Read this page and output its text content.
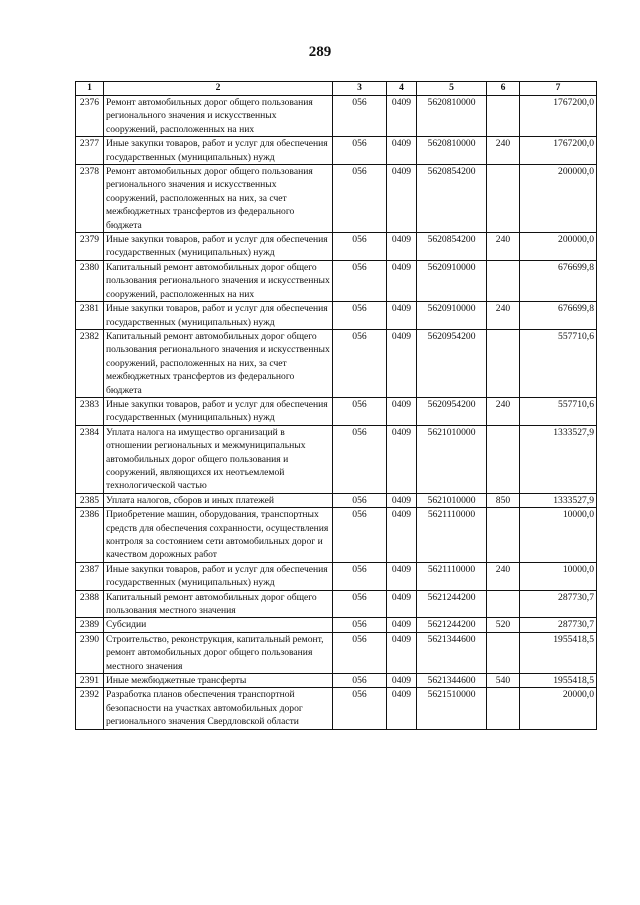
289
1	2	3	4	5	6	7
2376	Ремонт автомобильных дорог общего пользования регионального значения и искусственных сооружений, расположенных на них	056	0409	5620810000		1767200,0
2377	Иные закупки товаров, работ и услуг для обеспечения государственных (муниципальных) нужд	056	0409	5620810000	240	1767200,0
2378	Ремонт автомобильных дорог общего пользования регионального значения и искусственных сооружений, расположенных на них, за счет межбюджетных трансфертов из федерального бюджета	056	0409	5620854200		200000,0
2379	Иные закупки товаров, работ и услуг для обеспечения государственных (муниципальных) нужд	056	0409	5620854200	240	200000,0
2380	Капитальный ремонт автомобильных дорог общего пользования регионального значения и искусственных сооружений, расположенных на них	056	0409	5620910000		676699,8
2381	Иные закупки товаров, работ и услуг для обеспечения государственных (муниципальных) нужд	056	0409	5620910000	240	676699,8
2382	Капитальный ремонт автомобильных дорог общего пользования регионального значения и искусственных сооружений, расположенных на них, за счет межбюджетных трансфертов из федерального бюджета	056	0409	5620954200		557710,6
2383	Иные закупки товаров, работ и услуг для обеспечения государственных (муниципальных) нужд	056	0409	5620954200	240	557710,6
2384	Уплата налога на имущество организаций в отношении региональных и межмуниципальных автомобильных дорог общего пользования и сооружений, являющихся их неотъемлемой технологической частью	056	0409	5621010000		1333527,9
2385	Уплата налогов, сборов и иных платежей	056	0409	5621010000	850	1333527,9
2386	Приобретение машин, оборудования, транспортных средств для обеспечения сохранности, осуществления контроля за состоянием сети автомобильных дорог и качеством дорожных работ	056	0409	5621110000		10000,0
2387	Иные закупки товаров, работ и услуг для обеспечения государственных (муниципальных) нужд	056	0409	5621110000	240	10000,0
2388	Капитальный ремонт автомобильных дорог общего пользования местного значения	056	0409	5621244200		287730,7
2389	Субсидии	056	0409	5621244200	520	287730,7
2390	Строительство, реконструкция, капитальный ремонт, ремонт автомобильных дорог общего пользования местного значения	056	0409	5621344600		1955418,5
2391	Иные межбюджетные трансферты	056	0409	5621344600	540	1955418,5
2392	Разработка планов обеспечения транспортной безопасности на участках автомобильных дорог регионального значения Свердловской области	056	0409	5621510000		20000,0
